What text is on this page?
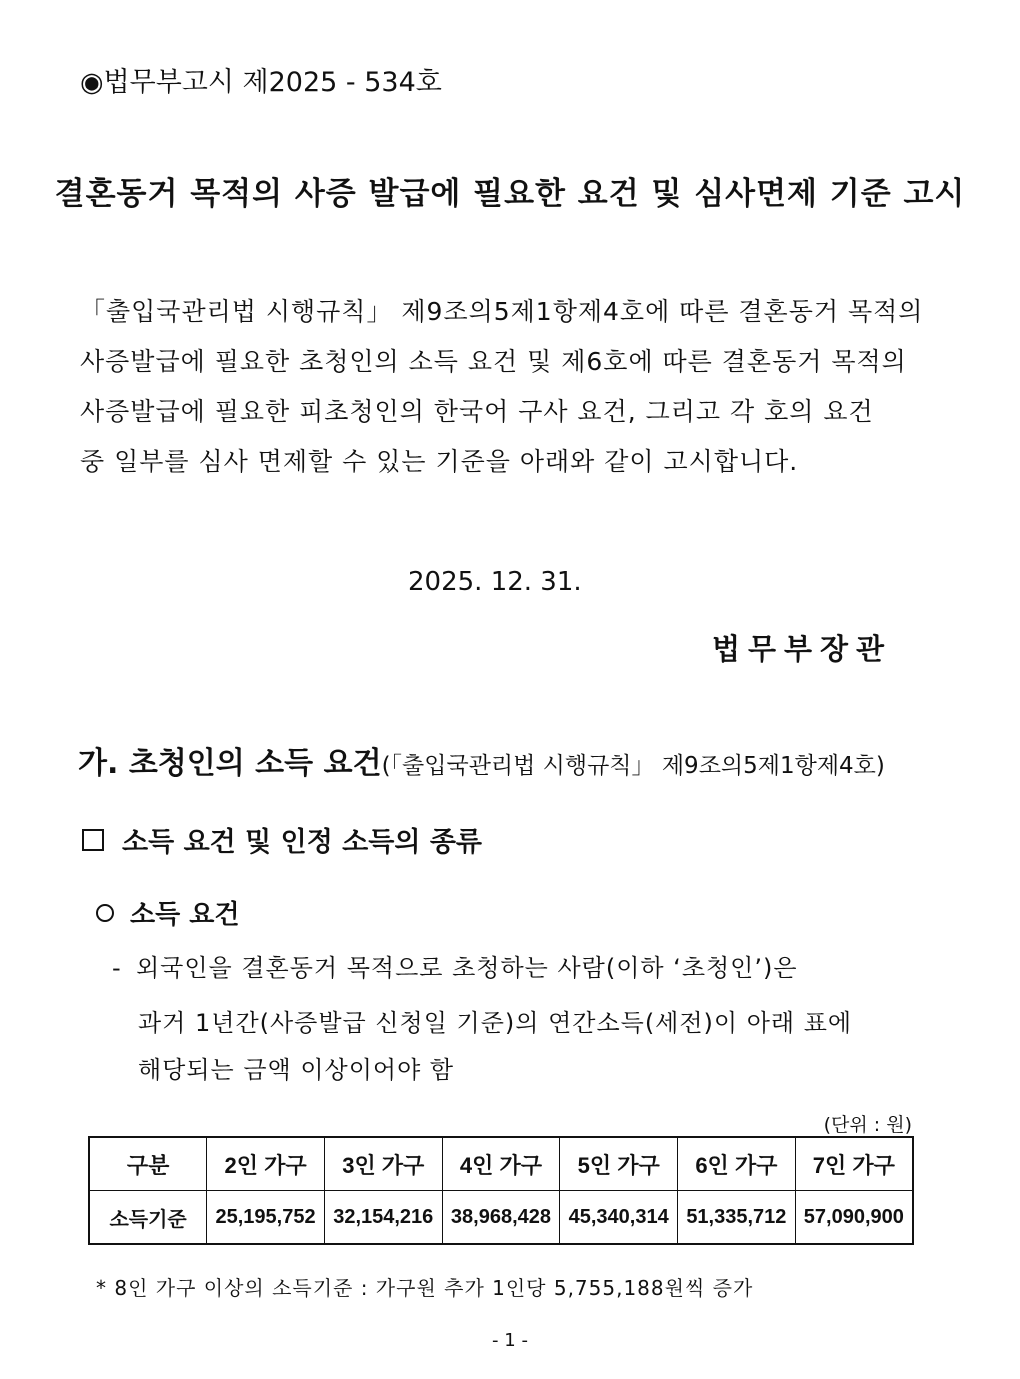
◉법무부고시 제2025 - 534호
결혼동거 목적의 사증 발급에 필요한 요건 및 심사면제 기준 고시
「출입국관리법 시행규칙」 제9조의5제1항제4호에 따른 결혼동거 목적의
사증발급에 필요한 초청인의 소득 요건 및 제6호에 따른 결혼동거 목적의
사증발급에 필요한 피초청인의 한국어 구사 요건, 그리고 각 호의 요건
중 일부를 심사 면제할 수 있는 기준을 아래와 같이 고시합니다.
2025. 12. 31.
법무부장관
가. 초청인의 소득 요건(「출입국관리법 시행규칙」 제9조의5제1항제4호)
소득 요건 및 인정 소득의 종류
소득 요건
- 외국인을 결혼동거 목적으로 초청하는 사람(이하 ‘초청인’)은
과거 1년간(사증발급 신청일 기준)의 연간소득(세전)이 아래 표에
해당되는 금액 이상이어야 함
(단위 : 원)
구분	2인 가구	3인 가구	4인 가구	5인 가구	6인 가구	7인 가구
소득기준	25,195,752	32,154,216	38,968,428	45,340,314	51,335,712	57,090,900
* 8인 가구 이상의 소득기준 : 가구원 추가 1인당 5,755,188원씩 증가
- 1 -
